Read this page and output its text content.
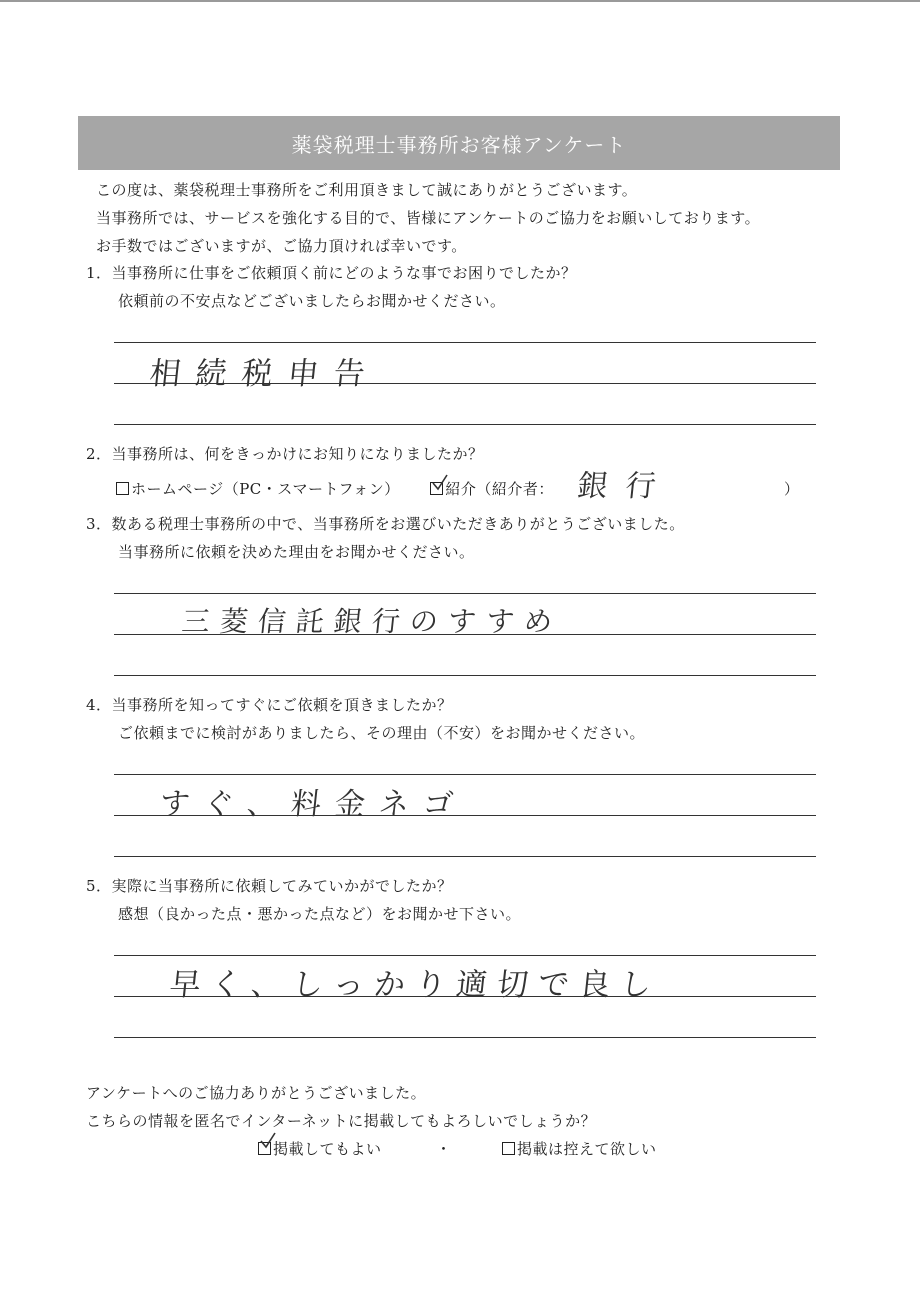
薬袋税理士事務所お客様アンケート
この度は、薬袋税理士事務所をご利用頂きまして誠にありがとうございます。
当事務所では、サービスを強化する目的で、皆様にアンケートのご協力をお願いしております。
お手数ではございますが、ご協力頂ければ幸いです。
1．当事務所に仕事をご依頼頂く前にどのような事でお困りでしたか？
依頼前の不安点などございましたらお聞かせください。
相続税申告
2．当事務所は、何をきっかけにお知りになりましたか？
ホームページ（PC・スマートフォン）	紹介（紹介者： 銀行	）
3．数ある税理士事務所の中で、当事務所をお選びいただきありがとうございました。
当事務所に依頼を決めた理由をお聞かせください。
三菱信託銀行のすすめ
4．当事務所を知ってすぐにご依頼を頂きましたか？
ご依頼までに検討がありましたら、その理由（不安）をお聞かせください。
すぐ、料金ネゴ
5．実際に当事務所に依頼してみていかがでしたか？
感想（良かった点・悪かった点など）をお聞かせ下さい。
早く、しっかり適切で良し
アンケートへのご協力ありがとうございました。
こちらの情報を匿名でインターネットに掲載してもよろしいでしょうか？
掲載してもよい	・	掲載は控えて欲しい
